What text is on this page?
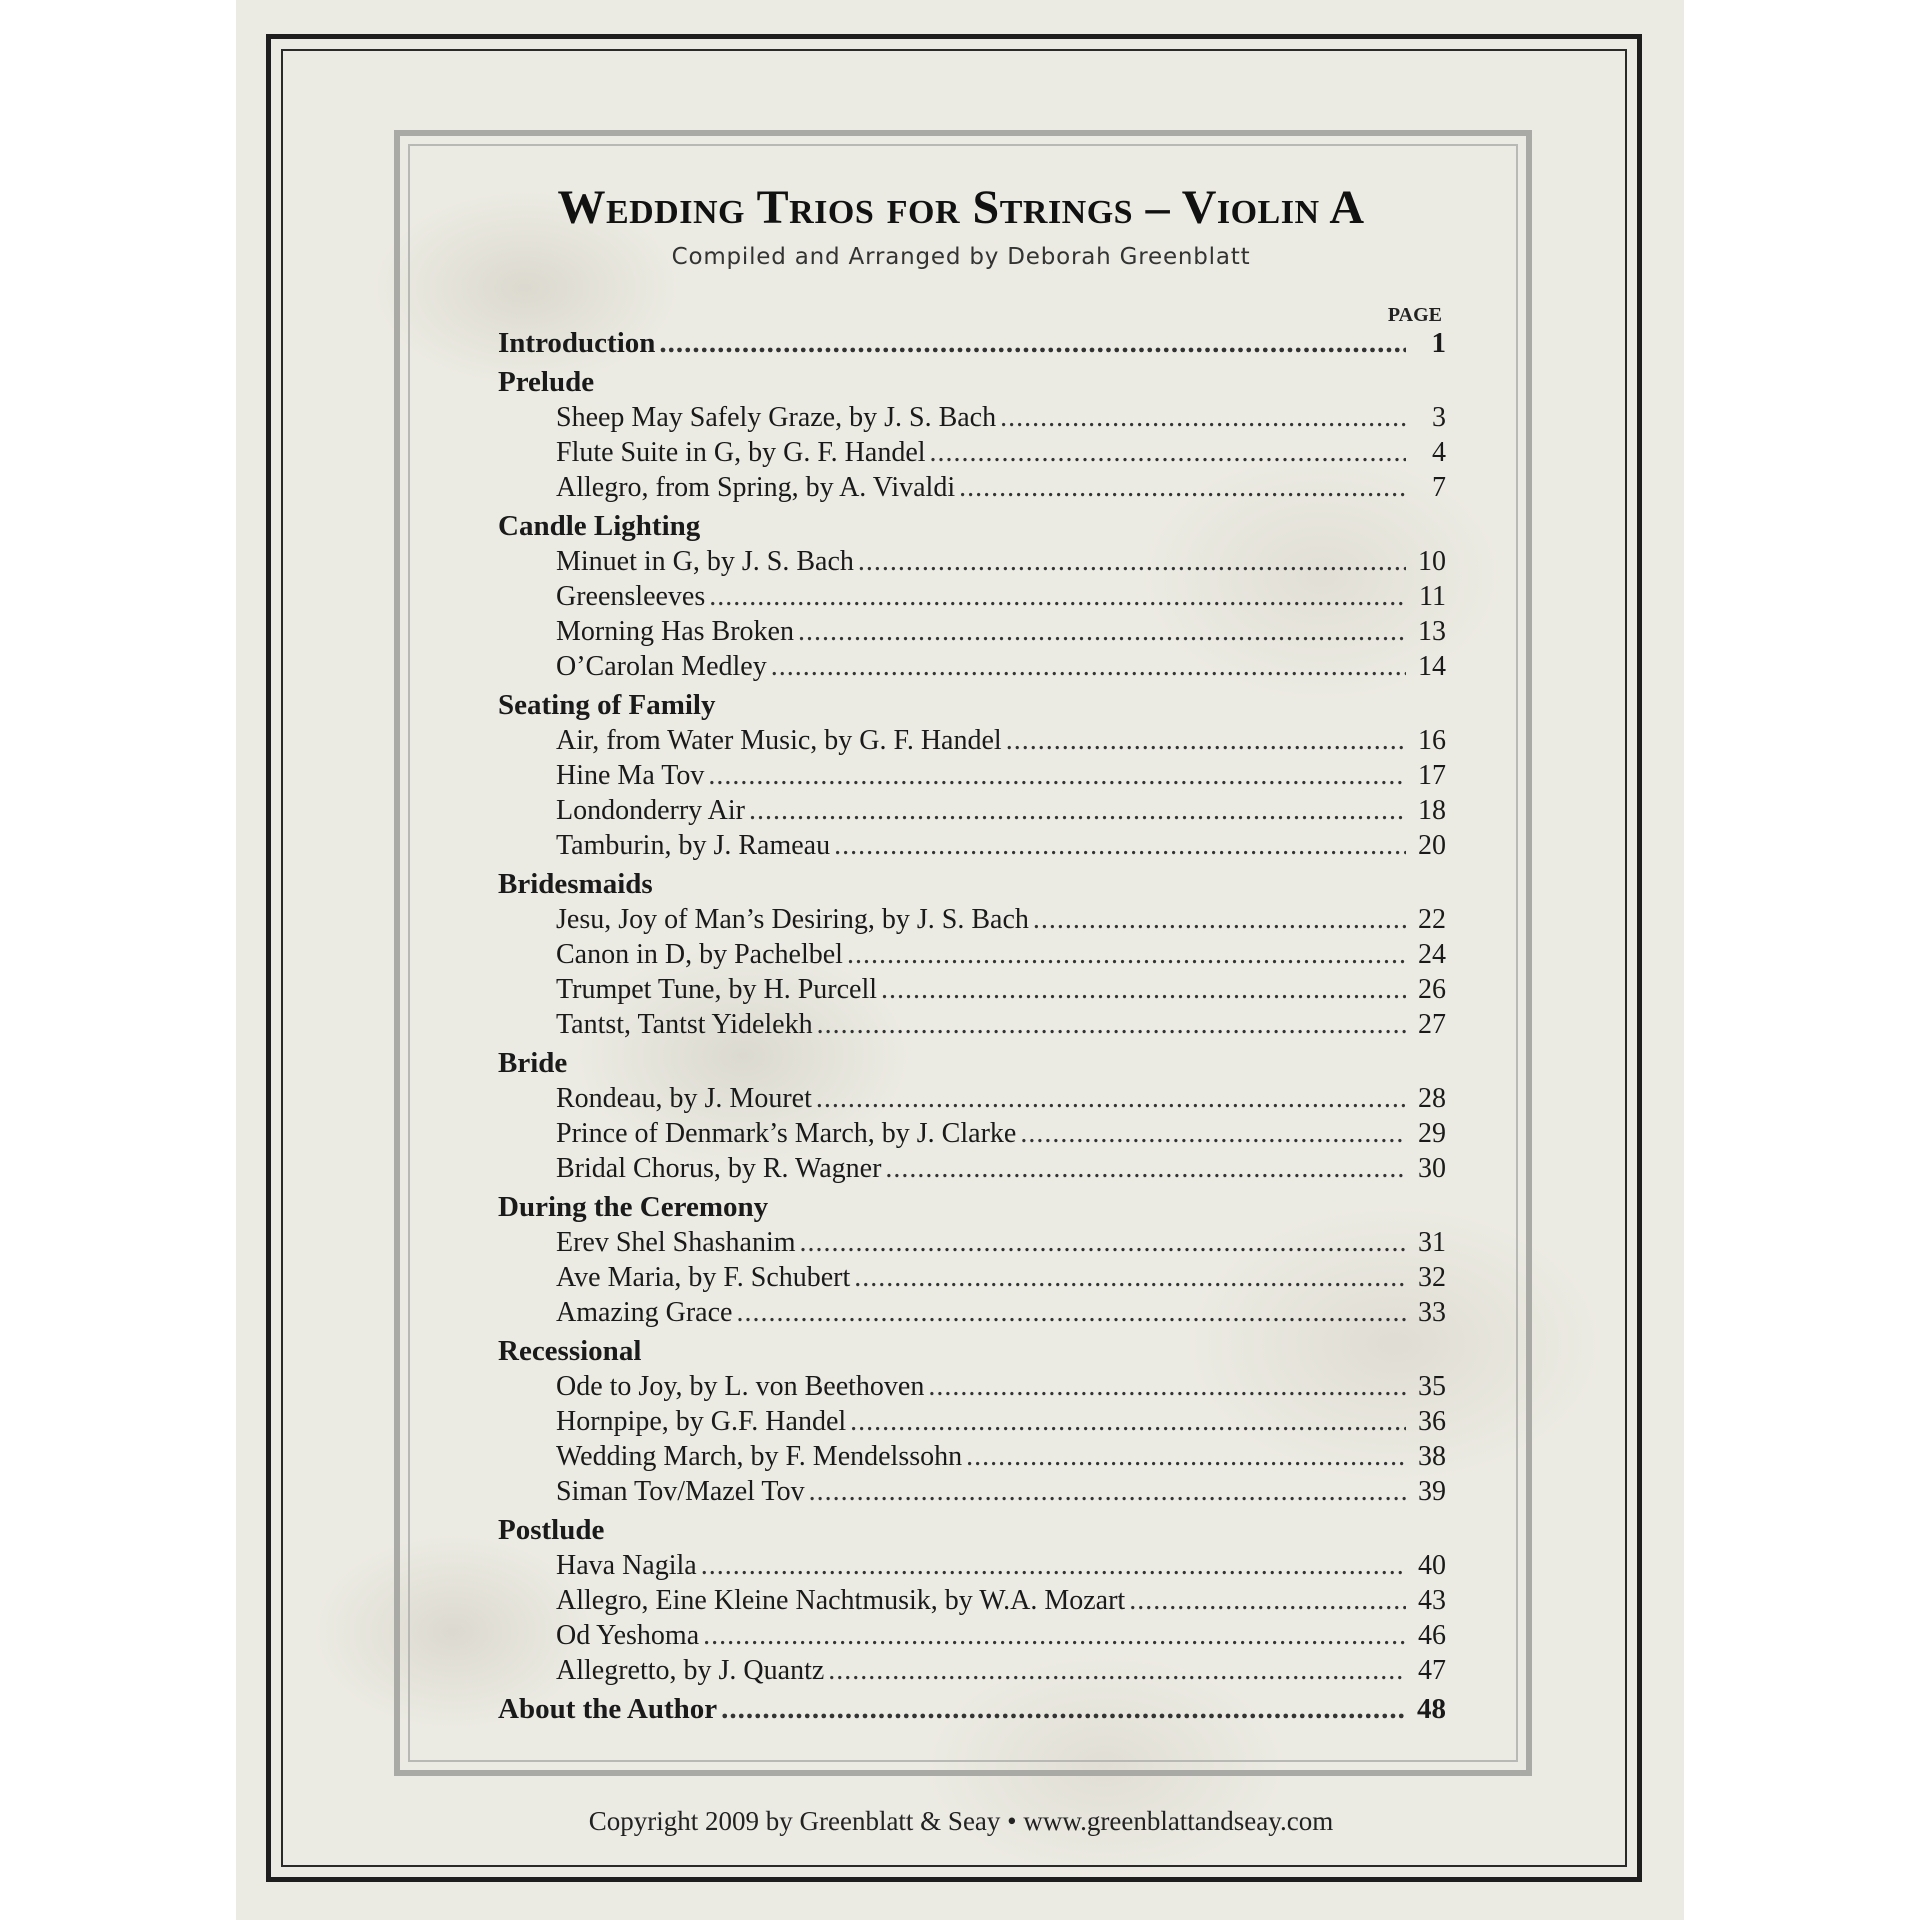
Wedding Trios for Strings – Violin A
Compiled and Arranged by Deborah Greenblatt
PAGE
Introduction .....	1
Prelude
Sheep May Safely Graze, by J. S. Bach .....	3
Flute Suite in G, by G. F. Handel .....	4
Allegro, from Spring, by A. Vivaldi .....	7
Candle Lighting
Minuet in G, by J. S. Bach .....	10
Greensleeves .....	11
Morning Has Broken .....	13
O’Carolan Medley .....	14
Seating of Family
Air, from Water Music, by G. F. Handel .....	16
Hine Ma Tov .....	17
Londonderry Air .....	18
Tamburin, by J. Rameau .....	20
Bridesmaids
Jesu, Joy of Man’s Desiring, by J. S. Bach .....	22
Canon in D, by Pachelbel .....	24
Trumpet Tune, by H. Purcell .....	26
Tantst, Tantst Yidelekh .....	27
Bride
Rondeau, by J. Mouret .....	28
Prince of Denmark’s March, by J. Clarke .....	29
Bridal Chorus, by R. Wagner .....	30
During the Ceremony
Erev Shel Shashanim .....	31
Ave Maria, by F. Schubert .....	32
Amazing Grace .....	33
Recessional
Ode to Joy, by L. von Beethoven .....	35
Hornpipe, by G.F. Handel .....	36
Wedding March, by F. Mendelssohn .....	38
Siman Tov/Mazel Tov .....	39
Postlude
Hava Nagila .....	40
Allegro, Eine Kleine Nachtmusik, by W.A. Mozart .....	43
Od Yeshoma .....	46
Allegretto, by J. Quantz .....	47
About the Author .....	48
Copyright 2009 by Greenblatt & Seay • www.greenblattandseay.com
